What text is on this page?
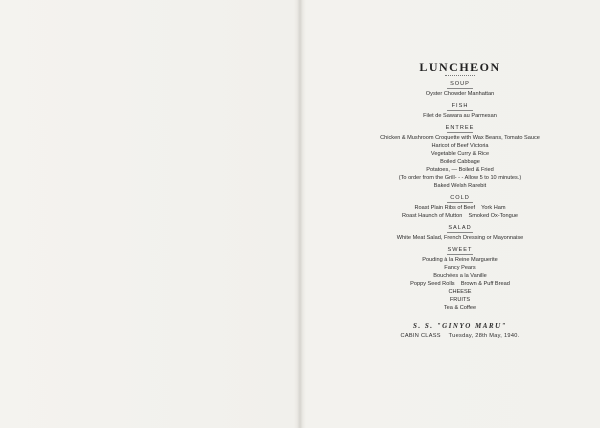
LUNCHEON
SOUP
Oyster Chowder Manhattan
FISH
Filet de Sawara au Parmesan
ENTREE
Chicken & Mushroom Croquette with Wax Beans, Tomato Sauce
Haricot of Beef Victoria
Vegetable Curry & Rice
Boiled Cabbage
Potatoes, — Boiled & Fried
(To order from the Grill- - - Allow 5 to 10 minutes.)
Baked Welsh Rarebit
COLD
Roast Plain Ribs of Beef    York Ham
Roast Haunch of Mutton    Smoked Ox-Tongue
SALAD
White Meat Salad, French Dressing or Mayonnaise
SWEET
Pouding à la Reine Marguerite
Fancy Pears
Bouchées a la Vanille
Poppy Seed Rolls    Brown & Puff Bread
CHEESE
FRUITS
Tea & Coffee
S. S. "GINYO MARU"
CABIN CLASS Tuesday, 28th May, 1940.
